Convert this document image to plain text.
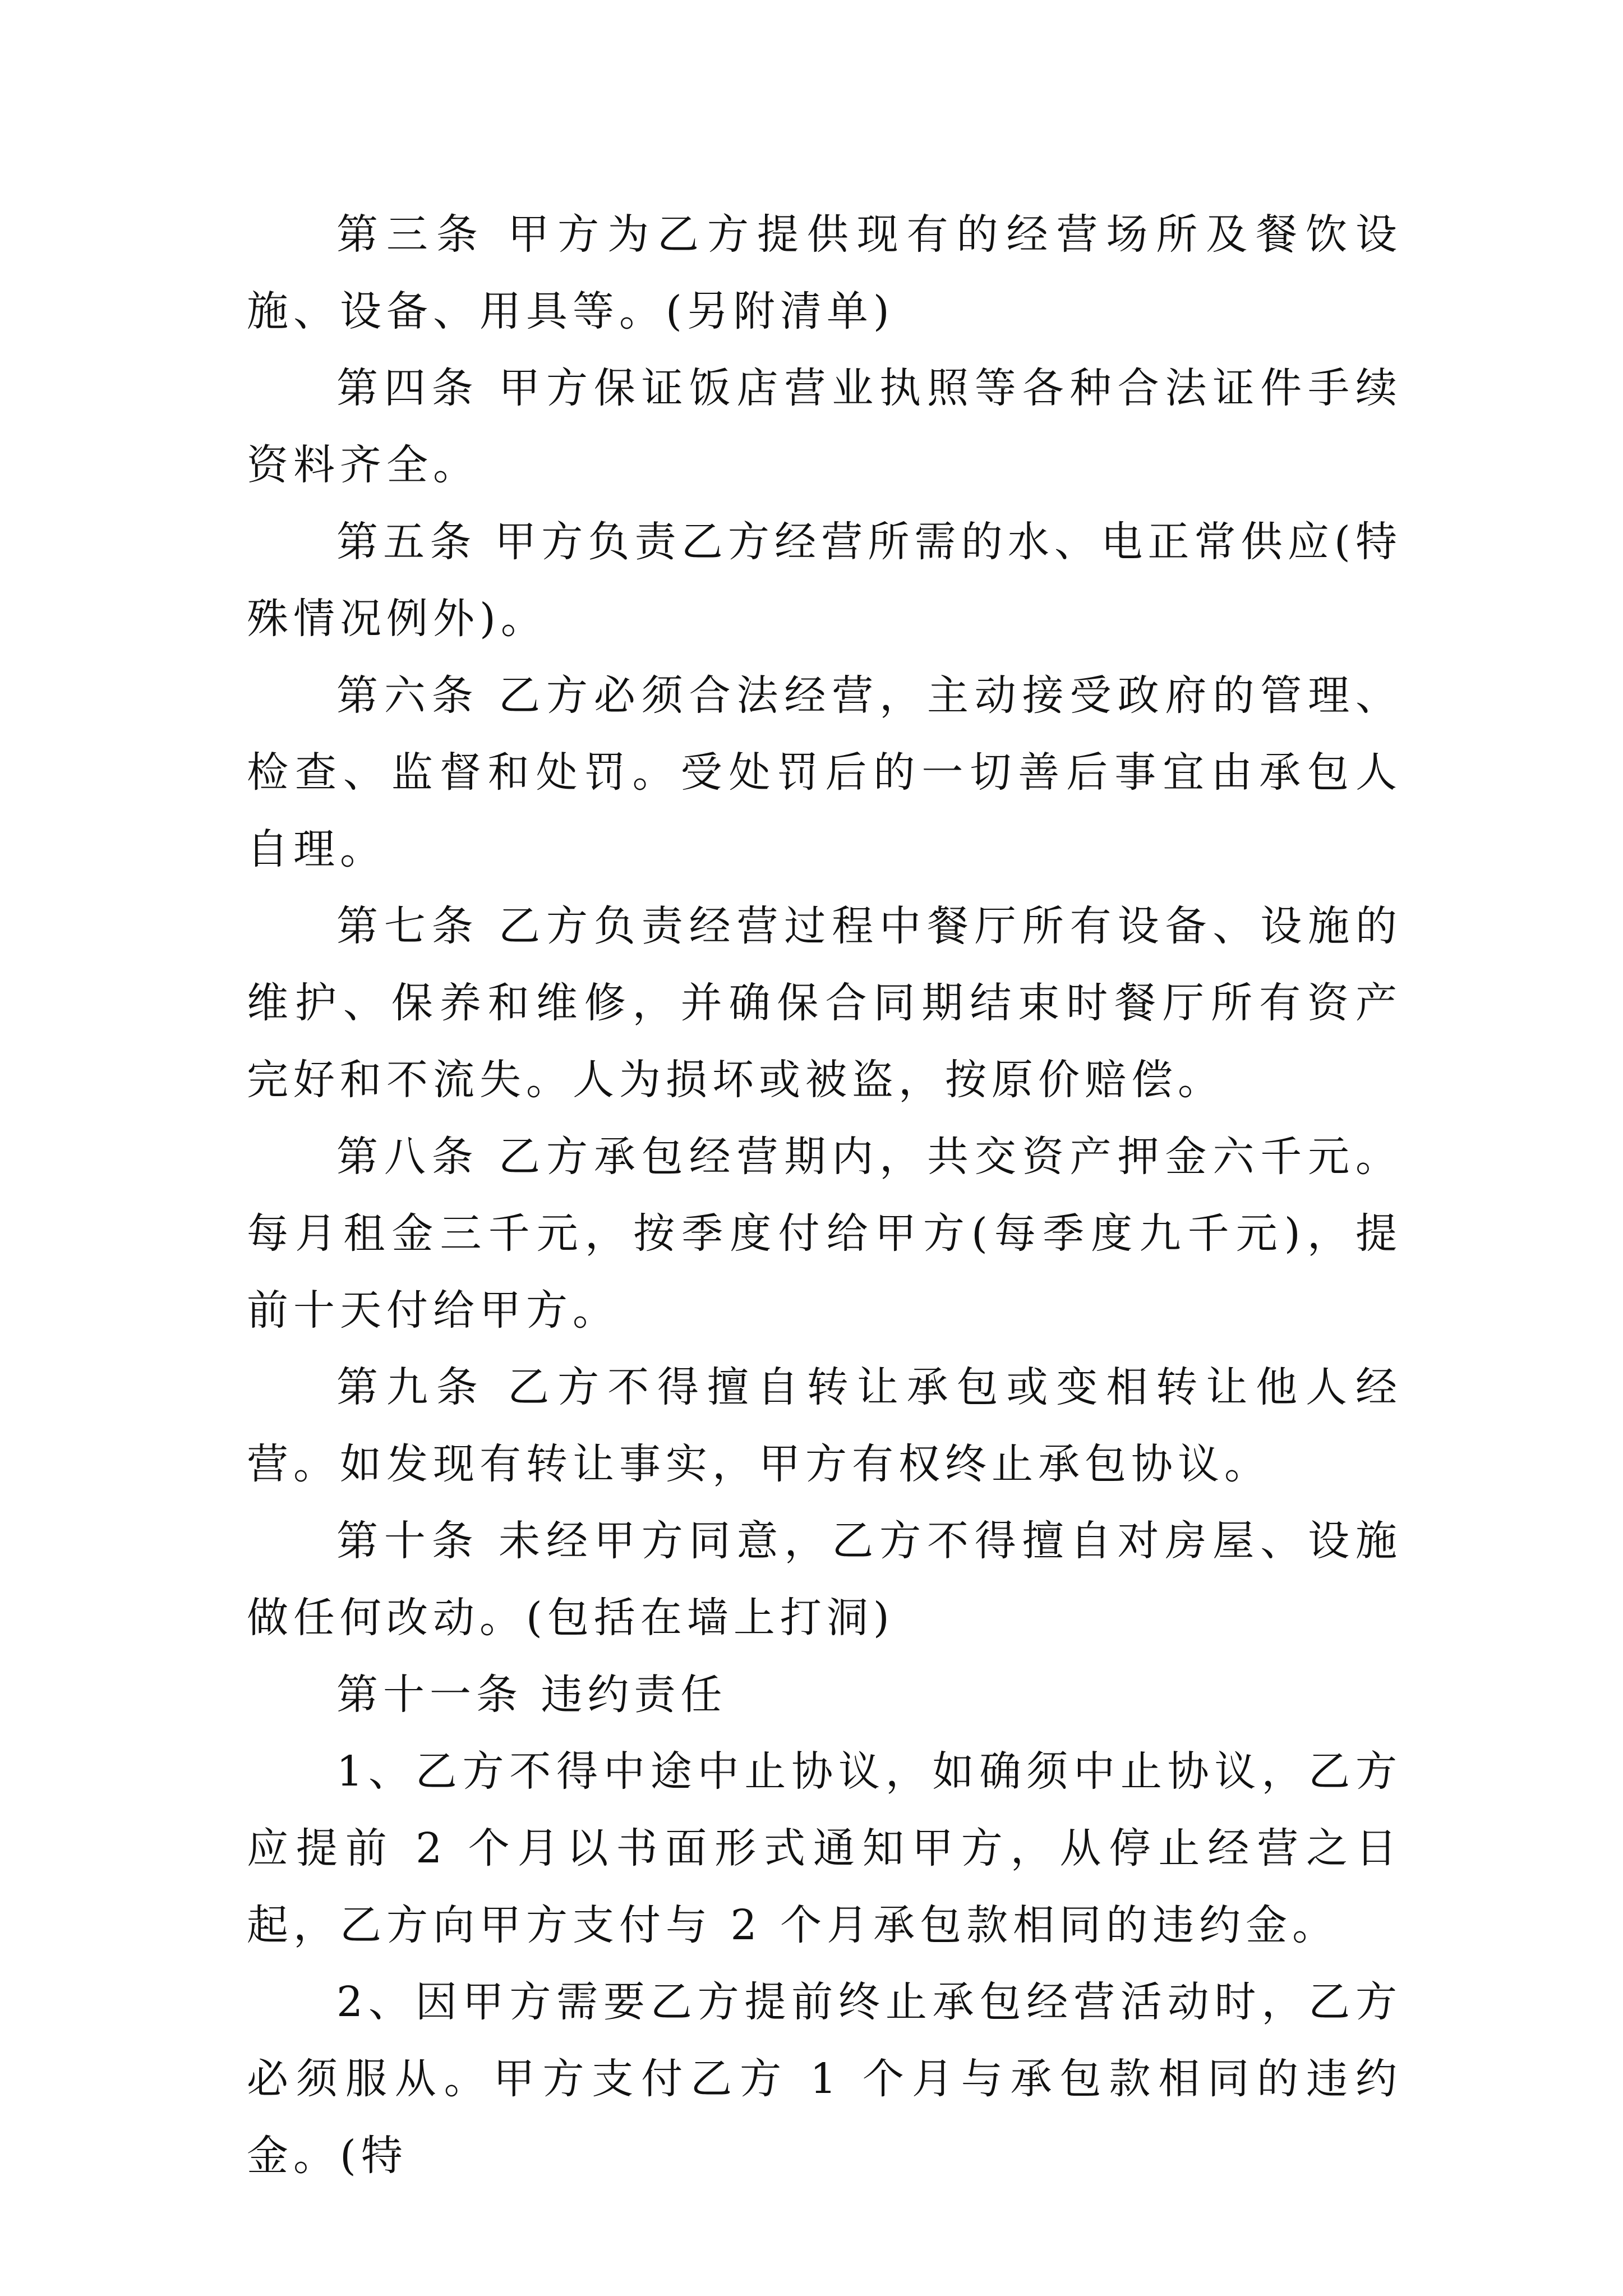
第三条 甲方为乙方提供现有的经营场所及餐饮设施、设备、用具等。(另附清单)

第四条 甲方保证饭店营业执照等各种合法证件手续资料齐全。

第五条 甲方负责乙方经营所需的水、电正常供应(特殊情况例外)。

第六条 乙方必须合法经营，主动接受政府的管理、检查、监督和处罚。受处罚后的一切善后事宜由承包人自理。

第七条 乙方负责经营过程中餐厅所有设备、设施的维护、保养和维修，并确保合同期结束时餐厅所有资产完好和不流失。人为损坏或被盗，按原价赔偿。

第八条 乙方承包经营期内，共交资产押金六千元。每月租金三千元，按季度付给甲方(每季度九千元)，提前十天付给甲方。

第九条 乙方不得擅自转让承包或变相转让他人经营。如发现有转让事实，甲方有权终止承包协议。

第十条 未经甲方同意，乙方不得擅自对房屋、设施做任何改动。(包括在墙上打洞)

第十一条 违约责任

1、乙方不得中途中止协议，如确须中止协议，乙方应提前 2 个月以书面形式通知甲方，从停止经营之日起，乙方向甲方支付与 2 个月承包款相同的违约金。

2、因甲方需要乙方提前终止承包经营活动时，乙方必须服从。甲方支付乙方 1 个月与承包款相同的违约金。(特
